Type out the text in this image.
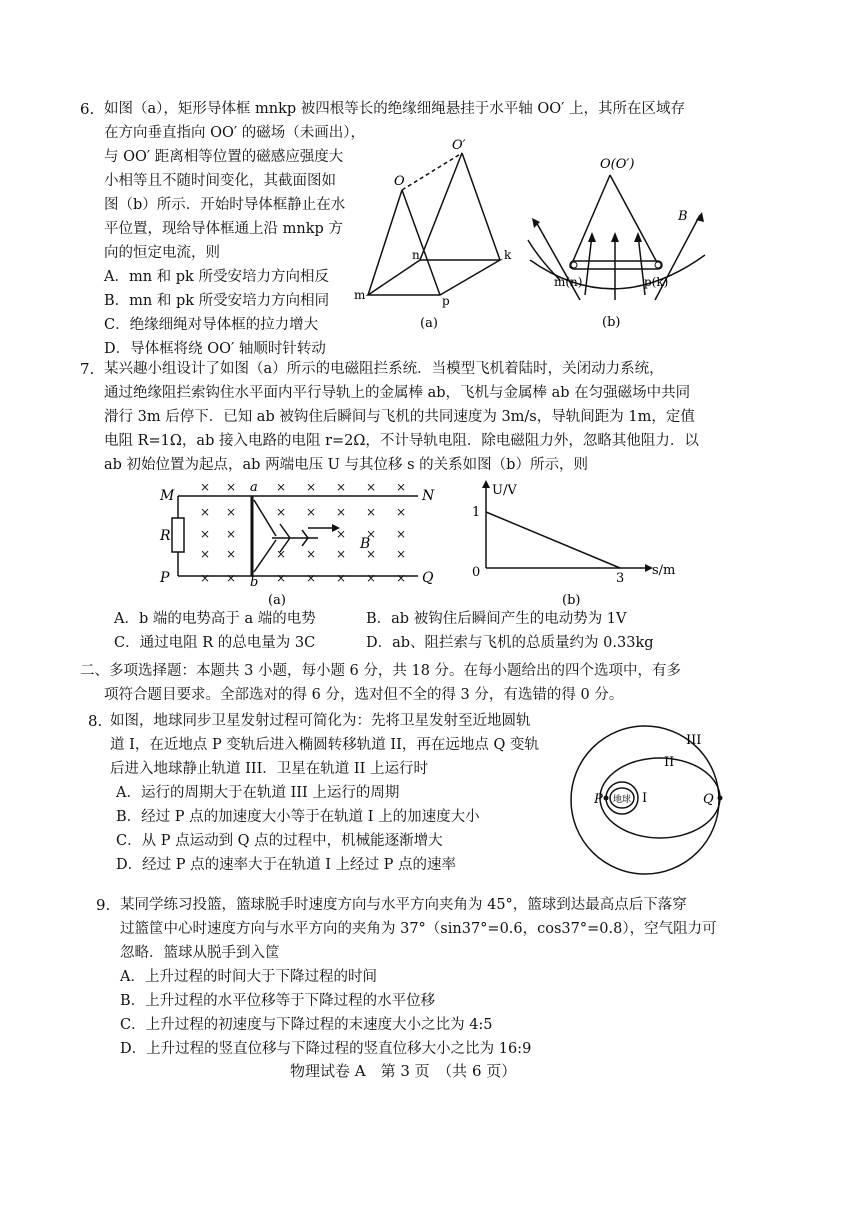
6. 如图（a），矩形导体框 mnkp 被四根等长的绝缘细绳悬挂于水平轴 OO′ 上，其所在区域存
在方向垂直指向 OO′ 的磁场（未画出），
与 OO′ 距离相等位置的磁感应强度大
小相等且不随时间变化，其截面图如
图（b）所示．开始时导体框静止在水
平位置，现给导体框通上沿 mnkp 方
向的恒定电流，则
A．mn 和 pk 所受安培力方向相反
B．mn 和 pk 所受安培力方向相同
C．绝缘细绳对导体框的拉力增大
D．导体框将绕 OO′ 轴顺时针转动
O
O′
m
n	k
p
(a)
O(O′)
B
m(n)	p(k)
(b)
7. 某兴趣小组设计了如图（a）所示的电磁阻拦系统．当模型飞机着陆时，关闭动力系统，
通过绝缘阻拦索钩住水平面内平行导轨上的金属棒 ab，飞机与金属棒 ab 在匀强磁场中共同
滑行 3m 后停下．已知 ab 被钩住后瞬间与飞机的共同速度为 3m/s，导轨间距为 1m，定值
电阻 R=1Ω，ab 接入电路的电阻 r=2Ω，不计导轨电阻．除电磁阻力外，忽略其他阻力．以
ab 初始位置为起点，ab 两端电压 U 与其位移 s 的关系如图（b）所示，则
× ×	× × × × ×
× ×	× × × × ×
× ×	× × ×
× ×	× × × × ×
× ×	× × × × ×
M	N
P	Q
R
a
b
B
(a)
U/V
s/m
1
0	3
(b)
A．b 端的电势高于 a 端的电势	B．ab 被钩住后瞬间产生的电动势为 1V
C．通过电阻 R 的总电量为 3C	D．ab、阻拦索与飞机的总质量约为 0.33kg
二、多项选择题：本题共 3 小题，每小题 6 分，共 18 分。在每小题给出的四个选项中，有多
项符合题目要求。全部选对的得 6 分，选对但不全的得 3 分，有选错的得 0 分。
8. 如图，地球同步卫星发射过程可简化为：先将卫星发射至近地圆轨
道 I，在近地点 P 变轨后进入椭圆转移轨道 II，再在远地点 Q 变轨
后进入地球静止轨道 III．卫星在轨道 II 上运行时
A．运行的周期大于在轨道 III 上运行的周期
B．经过 P 点的加速度大小等于在轨道 I 上的加速度大小
C．从 P 点运动到 Q 点的过程中，机械能逐渐增大
D．经过 P 点的速率大于在轨道 I 上经过 P 点的速率
III
II
I
P	Q
地球
9. 某同学练习投篮，篮球脱手时速度方向与水平方向夹角为 45°，篮球到达最高点后下落穿
过篮筐中心时速度方向与水平方向的夹角为 37°（sin37°=0.6，cos37°=0.8），空气阻力可
忽略．篮球从脱手到入筐
A．上升过程的时间大于下降过程的时间
B．上升过程的水平位移等于下降过程的水平位移
C．上升过程的初速度与下降过程的末速度大小之比为 4:5
D．上升过程的竖直位移与下降过程的竖直位移大小之比为 16:9
物理试卷 A　第 3 页　（共 6 页）
